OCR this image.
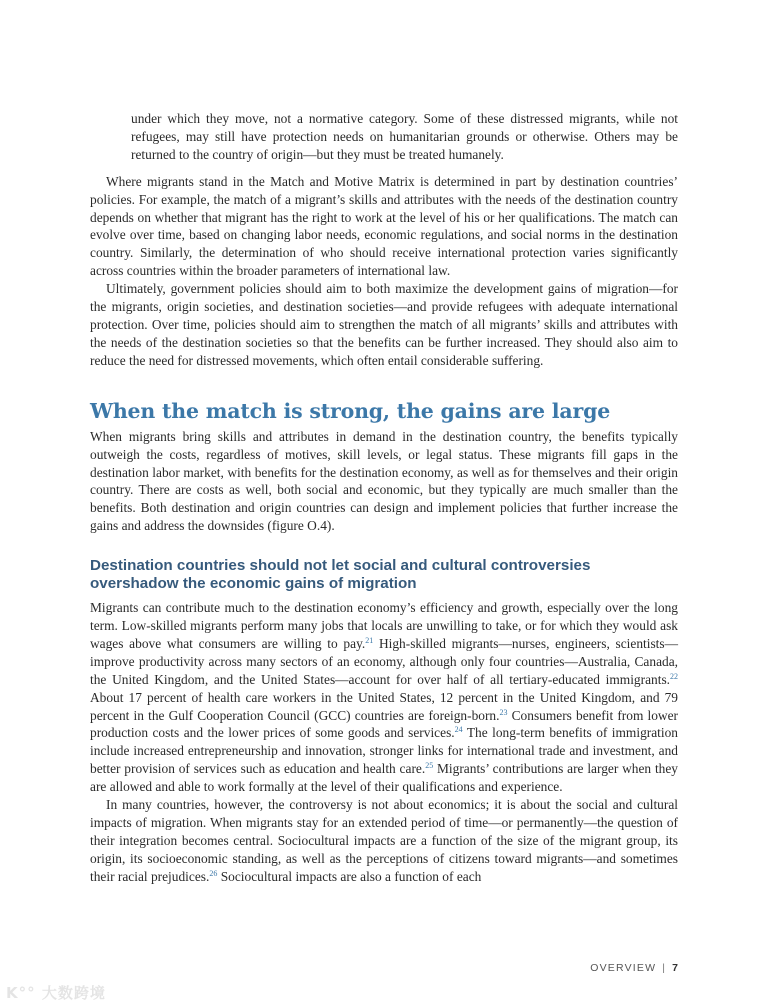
under which they move, not a normative category. Some of these distressed migrants, while not refugees, may still have protection needs on humanitarian grounds or otherwise. Others may be returned to the country of origin—but they must be treated humanely.

Where migrants stand in the Match and Motive Matrix is determined in part by destination countries’ policies. For example, the match of a migrant’s skills and attributes with the needs of the destination country depends on whether that migrant has the right to work at the level of his or her qualifications. The match can evolve over time, based on changing labor needs, economic regulations, and social norms in the destination country. Similarly, the determination of who should receive international protection varies significantly across countries within the broader parameters of international law.

Ultimately, government policies should aim to both maximize the development gains of migration—for the migrants, origin societies, and destination societies—and provide refugees with adequate international protection. Over time, policies should aim to strengthen the match of all migrants’ skills and attributes with the needs of the destination societies so that the benefits can be further increased. They should also aim to reduce the need for distressed movements, which often entail considerable suffering.

When the match is strong, the gains are large

When migrants bring skills and attributes in demand in the destination country, the benefits typically outweigh the costs, regardless of motives, skill levels, or legal status. These migrants fill gaps in the destination labor market, with benefits for the destination economy, as well as for themselves and their origin country. There are costs as well, both social and economic, but they typically are much smaller than the benefits. Both destination and origin countries can design and implement policies that further increase the gains and address the downsides (figure O.4).

Destination countries should not let social and cultural controversies overshadow the economic gains of migration

Migrants can contribute much to the destination economy’s efficiency and growth, especially over the long term. Low-skilled migrants perform many jobs that locals are unwilling to take, or for which they would ask wages above what consumers are willing to pay.$^{21}$ High-skilled migrants—nurses, engineers, scientists—improve productivity across many sectors of an economy, although only four countries—Australia, Canada, the United Kingdom, and the United States—account for over half of all tertiary-educated immigrants.$^{22}$ About 17 percent of health care workers in the United States, 12 percent in the United Kingdom, and 79 percent in the Gulf Cooperation Council (GCC) countries are foreign-born.$^{23}$ Consumers benefit from lower production costs and the lower prices of some goods and services.$^{24}$ The long-term benefits of immigration include increased entrepreneurship and innovation, stronger links for international trade and investment, and better provision of services such as education and health care.$^{25}$ Migrants’ contributions are larger when they are allowed and able to work formally at the level of their qualifications and experience.

In many countries, however, the controversy is not about economics; it is about the social and cultural impacts of migration. When migrants stay for an extended period of time—or permanently—the question of their integration becomes central. Sociocultural impacts are a function of the size of the migrant group, its origin, its socioeconomic standing, as well as the perceptions of citizens toward migrants—and sometimes their racial prejudices.$^{26}$ Sociocultural impacts are also a function of each

OVERVIEW | 7
K°° 大数跨境
